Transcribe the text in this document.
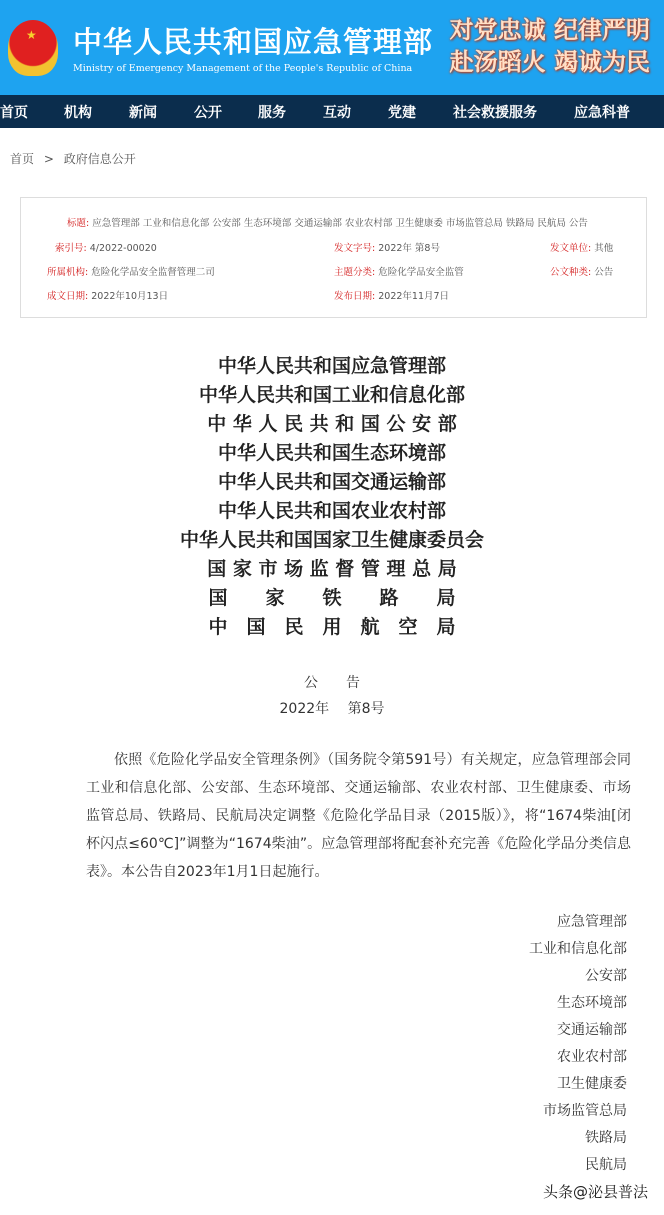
★ 中华人民共和国应急管理部
Ministry of Emergency Management of the People's Republic of China
对党忠诚 纪律严明
赴汤蹈火 竭诚为民
首页	机构	新闻	公开	服务	互动	党建	社会救援服务	应急科普
首页 > 政府信息公开
标题: 应急管理部 工业和信息化部 公安部 生态环境部 交通运输部 农业农村部 卫生健康委 市场监管总局 铁路局 民航局 公告
索引号: 4/2022-00020	发文字号: 2022年 第8号	发文单位: 其他
所属机构: 危险化学品安全监督管理二司	主题分类: 危险化学品安全监管	公文种类: 公告
成文日期: 2022年10月13日	发布日期: 2022年11月7日
中华人民共和国应急管理部
中华人民共和国工业和信息化部
中 华 人 民 共 和 国 公 安 部
中华人民共和国生态环境部
中华人民共和国交通运输部
中华人民共和国农业农村部
中华人民共和国国家卫生健康委员会
国 家 市 场 监 督 管 理 总 局
国　　家　　铁　　路　　局
中　国　民　用　航　空　局
公　　告
2022年　 第8号
依照《危险化学品安全管理条例》（国务院令第591号）有关规定，应急管理部会同工业和信息化部、公安部、生态环境部、交通运输部、农业农村部、卫生健康委、市场监管总局、铁路局、民航局决定调整《危险化学品目录（2015版）》，将“1674柴油[闭杯闪点≤60℃]”调整为“1674柴油”。应急管理部将配套补充完善《危险化学品分类信息表》。本公告自2023年1月1日起施行。
应急管理部
工业和信息化部
公安部
生态环境部
交通运输部
农业农村部
卫生健康委
市场监管总局
铁路局
民航局
头条@泌县普法
